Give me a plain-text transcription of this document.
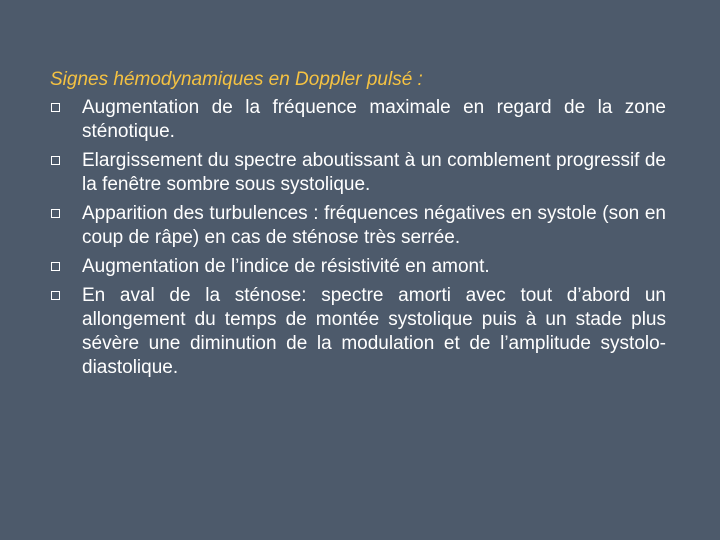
Signes hémodynamiques en Doppler pulsé :
Augmentation de la fréquence maximale en regard de la zone sténotique.
Elargissement du spectre aboutissant à un comblement progressif de la fenêtre sombre sous systolique.
Apparition des turbulences : fréquences négatives en systole (son en coup de râpe) en cas de sténose très serrée.
Augmentation de l’indice de résistivité en amont.
En aval de la sténose: spectre amorti avec tout d’abord un allongement du temps de montée systolique puis à un stade plus sévère une diminution de la modulation et de l’amplitude systolo- diastolique.
